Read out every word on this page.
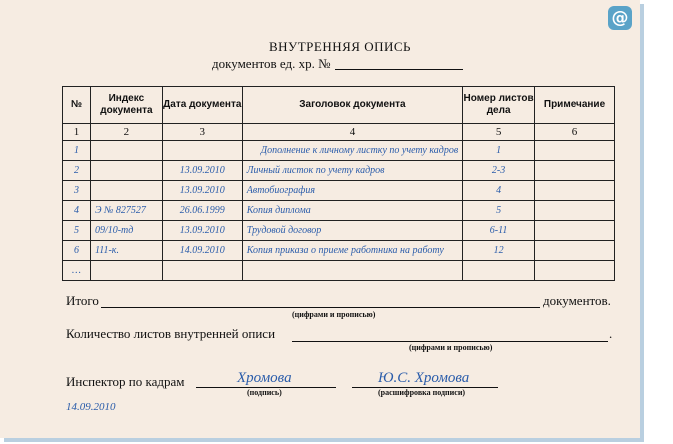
@
ВНУТРЕННЯЯ ОПИСЬ
документов ед. хр. №
№	Индекс документа	Дата документа	Заголовок документа	Номер листов дела	Примечание
1	2	3	4	5	6
1			Дополнение к личному листку по учету кадров	1	
2		13.09.2010	Личный листок по учету кадров	2-3	
3		13.09.2010	Автобиография	4	
4	Э № 827527	26.06.1999	Копия диплома	5	
5	09/10-тд	13.09.2010	Трудовой договор	6-11	
6	111-к.	14.09.2010	Копия приказа о приеме работника на работу	12	
…					
Итого	документов.
(цифрами и прописью)
Количество листов внутренней описи	.
(цифрами и прописью)
Инспектор по кадрам	Хромова
(подпись)
Ю.С. Хромова
(расшифровка подписи)
14.09.2010
